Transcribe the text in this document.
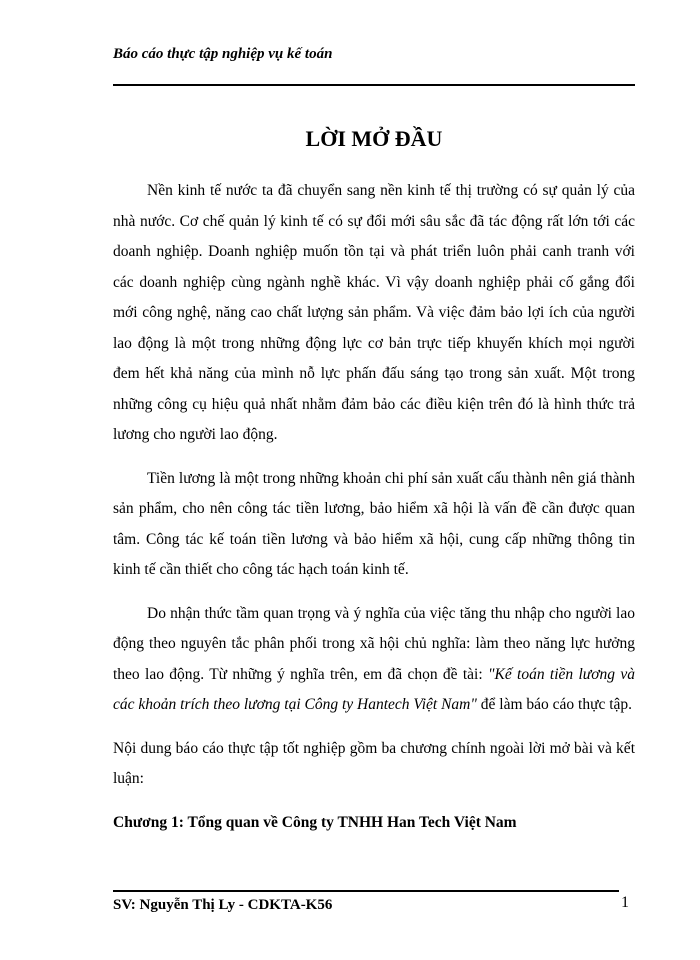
Báo cáo thực tập nghiệp vụ kế toán
LỜI MỞ ĐẦU

Nền kinh tế nước ta đã chuyển sang nền kinh tế thị trường có sự quản lý của nhà nước. Cơ chế quản lý kinh tế có sự đổi mới sâu sắc đã tác động rất lớn tới các doanh nghiệp. Doanh nghiệp muốn tồn tại và phát triển luôn phải canh tranh với các doanh nghiệp cùng ngành nghề khác. Vì vậy doanh nghiệp phải cố gắng đổi mới công nghệ, năng cao chất lượng sản phẩm. Và việc đảm bảo lợi ích của người lao động là một trong những động lực cơ bản trực tiếp khuyến khích mọi người đem hết khả năng của mình nỗ lực phấn đấu sáng tạo trong sản xuất. Một trong những công cụ hiệu quả nhất nhằm đảm bảo các điều kiện trên đó là hình thức trả lương cho người lao động.

Tiền lương là một trong những khoản chi phí sản xuất cấu thành nên giá thành sản phẩm, cho nên công tác tiền lương, bảo hiểm xã hội là vấn đề cần được quan tâm. Công tác kế toán tiền lương và bảo hiểm xã hội, cung cấp những thông tin kinh tế cần thiết cho công tác hạch toán kinh tế.

Do nhận thức tầm quan trọng và ý nghĩa của việc tăng thu nhập cho người lao động theo nguyên tắc phân phối trong xã hội chủ nghĩa: làm theo năng lực hưởng theo lao động. Từ những ý nghĩa trên, em đã chọn đề tài: "Kế toán tiền lương và các khoản trích theo lương tại Công ty Hantech Việt Nam" để làm báo cáo thực tập.

Nội dung báo cáo thực tập tốt nghiệp gồm ba chương chính ngoài lời mở bài và kết luận:

Chương 1: Tổng quan về Công ty TNHH Han Tech Việt Nam

SV: Nguyễn Thị Ly - CDKTA-K56	1
